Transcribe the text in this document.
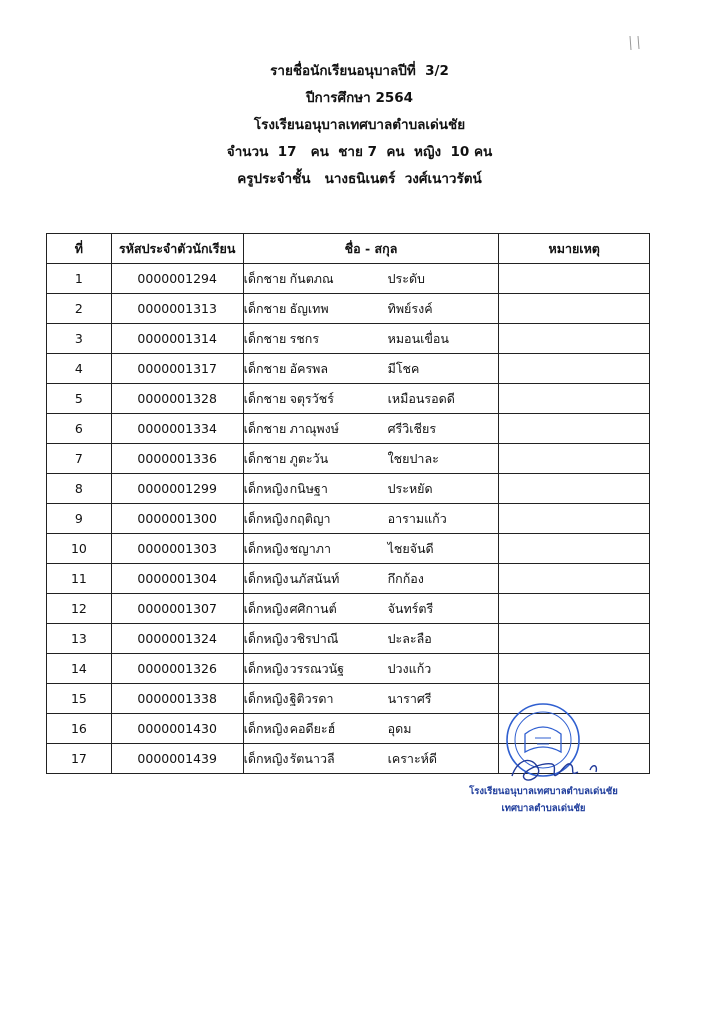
รายชื่อนักเรียนอนุบาลปีที่  3/2
ปีการศึกษา 2564
โรงเรียนอนุบาลเทศบาลตำบลเด่นชัย
จำนวน  17   คน  ชาย 7  คน  หญิง  10 คน
ครูประจำชั้น   นางธนิเนตร์  วงศ์เนาวรัตน์
ที่	รหัสประจำตัวนักเรียน	ชื่อ - สกุล	หมายเหตุ
1	0000001294	เด็กชาย กันตภณ ประดับ	
2	0000001313	เด็กชาย ธัญเทพ ทิพย์รงค์	
3	0000001314	เด็กชาย รชกร หมอนเขื่อน	
4	0000001317	เด็กชาย อัครพล มีโชค	
5	0000001328	เด็กชาย จตุรวัชร์ เหมือนรอดดี	
6	0000001334	เด็กชาย ภาณุพงษ์ ศรีวิเชียร	
7	0000001336	เด็กชาย ภูตะวัน ใชยปาละ	
8	0000001299	เด็กหญิงกนิษฐา ประหยัด	
9	0000001300	เด็กหญิงกฤติญา อารามแก้ว	
10	0000001303	เด็กหญิงชญาภา ไชยจันดี	
11	0000001304	เด็กหญิงนภัสนันท์ กึกก้อง	
12	0000001307	เด็กหญิงศศิกานต์ จันทร์ตรี	
13	0000001324	เด็กหญิงวชิรปาณี ปะละลือ	
14	0000001326	เด็กหญิงวรรณวนัฐ ปวงแก้ว	
15	0000001338	เด็กหญิงฐิติวรดา นาราศรี	
16	0000001430	เด็กหญิงคอดียะฮ์ อุดม	
17	0000001439	เด็กหญิงรัตนาวลี เคราะห์ดี	
โรงเรียนอนุบาลเทศบาลตำบลเด่นชัย
เทศบาลตำบลเด่นชัย
